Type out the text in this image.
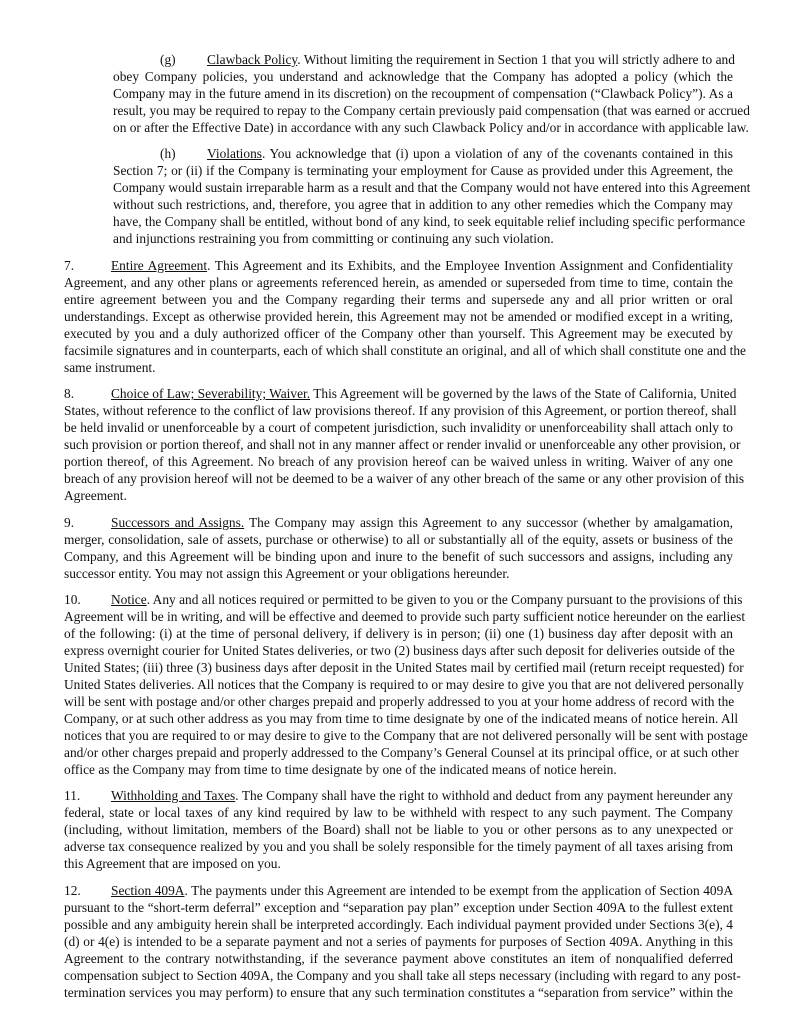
(g) Clawback Policy. Without limiting the requirement in Section 1 that you will strictly adhere to and
obey Company policies, you understand and acknowledge that the Company has adopted a policy (which the
Company may in the future amend in its discretion) on the recoupment of compensation (“Clawback Policy”). As a
result, you may be required to repay to the Company certain previously paid compensation (that was earned or accrued
on or after the Effective Date) in accordance with any such Clawback Policy and/or in accordance with applicable law.
(h) Violations. You acknowledge that (i) upon a violation of any of the covenants contained in this
Section 7; or (ii) if the Company is terminating your employment for Cause as provided under this Agreement, the
Company would sustain irreparable harm as a result and that the Company would not have entered into this Agreement
without such restrictions, and, therefore, you agree that in addition to any other remedies which the Company may
have, the Company shall be entitled, without bond of any kind, to seek equitable relief including specific performance
and injunctions restraining you from committing or continuing any such violation.
7.	Entire Agreement. This Agreement and its Exhibits, and the Employee Invention Assignment and Confidentiality
Agreement, and any other plans or agreements referenced herein, as amended or superseded from time to time, contain the
entire agreement between you and the Company regarding their terms and supersede any and all prior written or oral
understandings. Except as otherwise provided herein, this Agreement may not be amended or modified except in a writing,
executed by you and a duly authorized officer of the Company other than yourself. This Agreement may be executed by
facsimile signatures and in counterparts, each of which shall constitute an original, and all of which shall constitute one and the
same instrument.
8.	Choice of Law; Severability; Waiver. This Agreement will be governed by the laws of the State of California, United
States, without reference to the conflict of law provisions thereof. If any provision of this Agreement, or portion thereof, shall
be held invalid or unenforceable by a court of competent jurisdiction, such invalidity or unenforceability shall attach only to
such provision or portion thereof, and shall not in any manner affect or render invalid or unenforceable any other provision, or
portion thereof, of this Agreement. No breach of any provision hereof can be waived unless in writing. Waiver of any one
breach of any provision hereof will not be deemed to be a waiver of any other breach of the same or any other provision of this
Agreement.
9.	Successors and Assigns. The Company may assign this Agreement to any successor (whether by amalgamation,
merger, consolidation, sale of assets, purchase or otherwise) to all or substantially all of the equity, assets or business of the
Company, and this Agreement will be binding upon and inure to the benefit of such successors and assigns, including any
successor entity. You may not assign this Agreement or your obligations hereunder.
10. Notice. Any and all notices required or permitted to be given to you or the Company pursuant to the provisions of this
Agreement will be in writing, and will be effective and deemed to provide such party sufficient notice hereunder on the earliest
of the following: (i) at the time of personal delivery, if delivery is in person; (ii) one (1) business day after deposit with an
express overnight courier for United States deliveries, or two (2) business days after such deposit for deliveries outside of the
United States; (iii) three (3) business days after deposit in the United States mail by certified mail (return receipt requested) for
United States deliveries. All notices that the Company is required to or may desire to give you that are not delivered personally
will be sent with postage and/or other charges prepaid and properly addressed to you at your home address of record with the
Company, or at such other address as you may from time to time designate by one of the indicated means of notice herein. All
notices that you are required to or may desire to give to the Company that are not delivered personally will be sent with postage
and/or other charges prepaid and properly addressed to the Company’s General Counsel at its principal office, or at such other
office as the Company may from time to time designate by one of the indicated means of notice herein.
11. Withholding and Taxes. The Company shall have the right to withhold and deduct from any payment hereunder any
federal, state or local taxes of any kind required by law to be withheld with respect to any such payment. The Company
(including, without limitation, members of the Board) shall not be liable to you or other persons as to any unexpected or
adverse tax consequence realized by you and you shall be solely responsible for the timely payment of all taxes arising from
this Agreement that are imposed on you.
12. Section 409A. The payments under this Agreement are intended to be exempt from the application of Section 409A
pursuant to the “short-term deferral” exception and “separation pay plan” exception under Section 409A to the fullest extent
possible and any ambiguity herein shall be interpreted accordingly. Each individual payment provided under Sections 3(e), 4
(d) or 4(e) is intended to be a separate payment and not a series of payments for purposes of Section 409A. Anything in this
Agreement to the contrary notwithstanding, if the severance payment above constitutes an item of nonqualified deferred
compensation subject to Section 409A, the Company and you shall take all steps necessary (including with regard to any post-
termination services you may perform) to ensure that any such termination constitutes a “separation from service” within the
